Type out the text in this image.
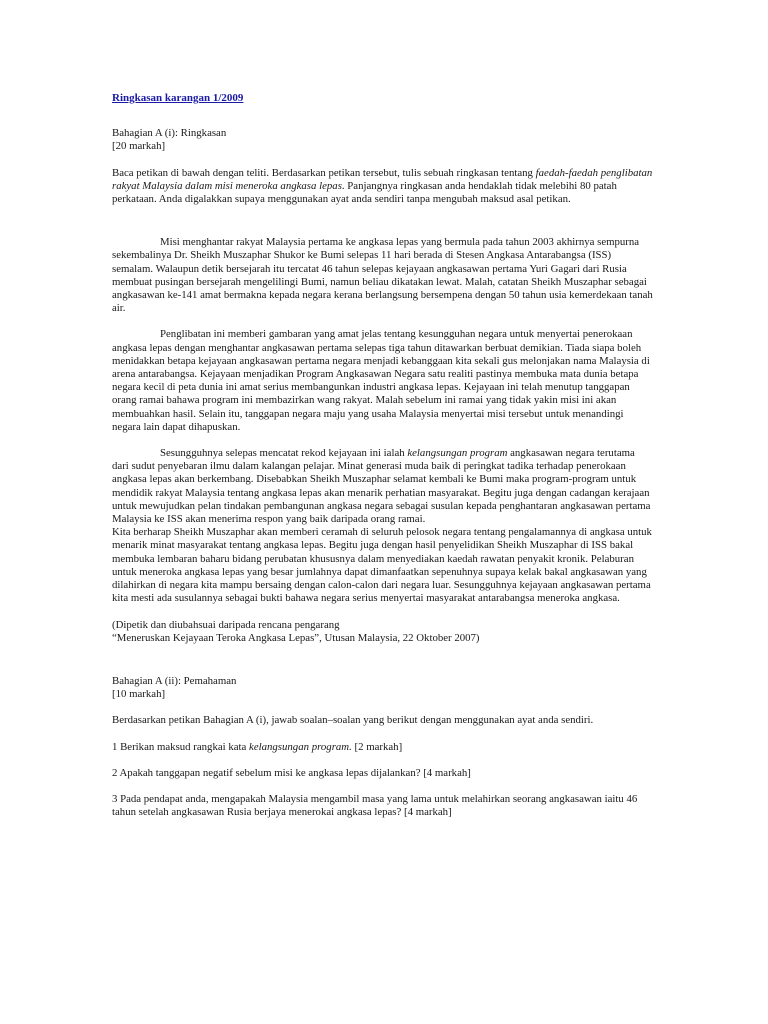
Ringkasan karangan 1/2009

Bahagian A (i): Ringkasan

[20 markah]

Baca petikan di bawah dengan teliti. Berdasarkan petikan tersebut, tulis sebuah ringkasan tentang faedah-faedah penglibatan rakyat Malaysia dalam misi meneroka angkasa lepas. Panjangnya ringkasan anda hendaklah tidak melebihi 80 patah perkataan. Anda digalakkan supaya menggunakan ayat anda sendiri tanpa mengubah maksud asal petikan.

Misi menghantar rakyat Malaysia pertama ke angkasa lepas yang bermula pada tahun 2003 akhirnya sempurna sekembalinya Dr. Sheikh Muszaphar Shukor ke Bumi selepas 11 hari berada di Stesen Angkasa Antarabangsa (ISS) semalam. Walaupun detik bersejarah itu tercatat 46 tahun selepas kejayaan angkasawan pertama Yuri Gagari dari Rusia membuat pusingan bersejarah mengelilingi Bumi, namun beliau dikatakan lewat. Malah, catatan Sheikh Muszaphar sebagai angkasawan ke-141 amat bermakna kepada negara kerana berlangsung bersempena dengan 50 tahun usia kemerdekaan tanah air.

Penglibatan ini memberi gambaran yang amat jelas tentang kesungguhan negara untuk menyertai penerokaan angkasa lepas dengan menghantar angkasawan pertama selepas tiga tahun ditawarkan berbuat demikian. Tiada siapa boleh menidakkan betapa kejayaan angkasawan pertama negara menjadi kebanggaan kita sekali gus melonjakan nama Malaysia di arena antarabangsa. Kejayaan menjadikan Program Angkasawan Negara satu realiti pastinya membuka mata dunia betapa negara kecil di peta dunia ini amat serius membangunkan industri angkasa lepas. Kejayaan ini telah menutup tanggapan orang ramai bahawa program ini membazirkan wang rakyat. Malah sebelum ini ramai yang tidak yakin misi ini akan membuahkan hasil. Selain itu, tanggapan negara maju yang usaha Malaysia menyertai misi tersebut untuk menandingi negara lain dapat dihapuskan.

Sesungguhnya selepas mencatat rekod kejayaan ini ialah kelangsungan program angkasawan negara terutama dari sudut penyebaran ilmu dalam kalangan pelajar. Minat generasi muda baik di peringkat tadika terhadap penerokaan angkasa lepas akan berkembang. Disebabkan Sheikh Muszaphar selamat kembali ke Bumi maka program-program untuk mendidik rakyat Malaysia tentang angkasa lepas akan menarik perhatian masyarakat. Begitu juga dengan cadangan kerajaan untuk mewujudkan pelan tindakan pembangunan angkasa negara sebagai susulan kepada penghantaran angkasawan pertama Malaysia ke ISS akan menerima respon yang baik daripada orang ramai.

Kita berharap Sheikh Muszaphar akan memberi ceramah di seluruh pelosok negara tentang pengalamannya di angkasa untuk menarik minat masyarakat tentang angkasa lepas. Begitu juga dengan hasil penyelidikan Sheikh Muszaphar di ISS bakal membuka lembaran baharu bidang perubatan khususnya dalam menyediakan kaedah rawatan penyakit kronik. Pelaburan untuk meneroka angkasa lepas yang besar jumlahnya dapat dimanfaatkan sepenuhnya supaya kelak bakal angkasawan yang dilahirkan di negara kita mampu bersaing dengan calon-calon dari negara luar. Sesungguhnya kejayaan angkasawan pertama kita mesti ada susulannya sebagai bukti bahawa negara serius menyertai masyarakat antarabangsa meneroka angkasa.

(Dipetik dan diubahsuai daripada rencana pengarang

“Meneruskan Kejayaan Teroka Angkasa Lepas”, Utusan Malaysia, 22 Oktober 2007)

Bahagian A (ii): Pemahaman

[10 markah]

Berdasarkan petikan Bahagian A (i), jawab soalan–soalan yang berikut dengan menggunakan ayat anda sendiri.

1 Berikan maksud rangkai kata kelangsungan program. [2 markah]

2 Apakah tanggapan negatif sebelum misi ke angkasa lepas dijalankan? [4 markah]

3 Pada pendapat anda, mengapakah Malaysia mengambil masa yang lama untuk melahirkan seorang angkasawan iaitu 46 tahun setelah angkasawan Rusia berjaya menerokai angkasa lepas? [4 markah]
